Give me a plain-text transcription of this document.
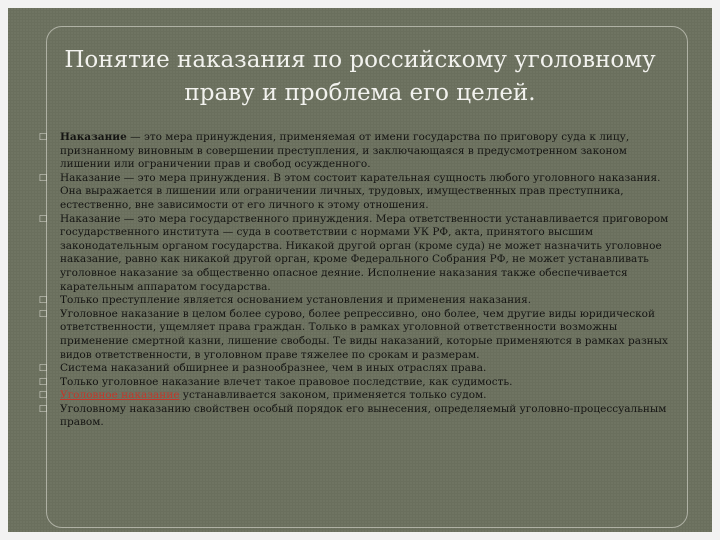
Понятие наказания по российскому уголовному
праву и проблема его целей.
□ Наказание — это мера принуждения, применяемая от имени государства по приговору суда к лицу, признанному виновным в совершении преступления, и заключающаяся в предусмотренном законом лишении или ограничении прав и свобод осужденного.
□ Наказание — это мера принуждения. В этом состоит карательная сущность любого уголовного наказания. Она выражается в лишении или ограничении личных, трудовых, имущественных прав преступника, естественно, вне зависимости от его личного к этому отношения.
□ Наказание — это мера государственного принуждения. Мера ответственности устанавливается приговором государственного института — суда в соответствии с нормами УК РФ, акта, принятого высшим законодательным органом государства. Никакой другой орган (кроме суда) не может назначить уголовное наказание, равно как никакой другой орган, кроме Федерального Собрания РФ, не может устанавливать уголовное наказание за общественно опасное деяние. Исполнение наказания также обеспечивается карательным аппаратом государства.
□ Только преступление является основанием установления и применения наказания.
□ Уголовное наказание в целом более сурово, более репрессивно, оно более, чем другие виды юридической ответственности, ущемляет права граждан. Только в рамках уголовной ответственности возможны применение смертной казни, лишение свободы. Те виды наказаний, которые применяются в рамках разных видов ответственности, в уголовном праве тяжелее по срокам и размерам.
□ Система наказаний обширнее и разнообразнее, чем в иных отраслях права.
□ Только уголовное наказание влечет такое правовое последствие, как судимость.
□ Уголовное наказание устанавливается законом, применяется только судом.
□ Уголовному наказанию свойствен особый порядок его вынесения, определяемый уголовно-процессуальным правом.
